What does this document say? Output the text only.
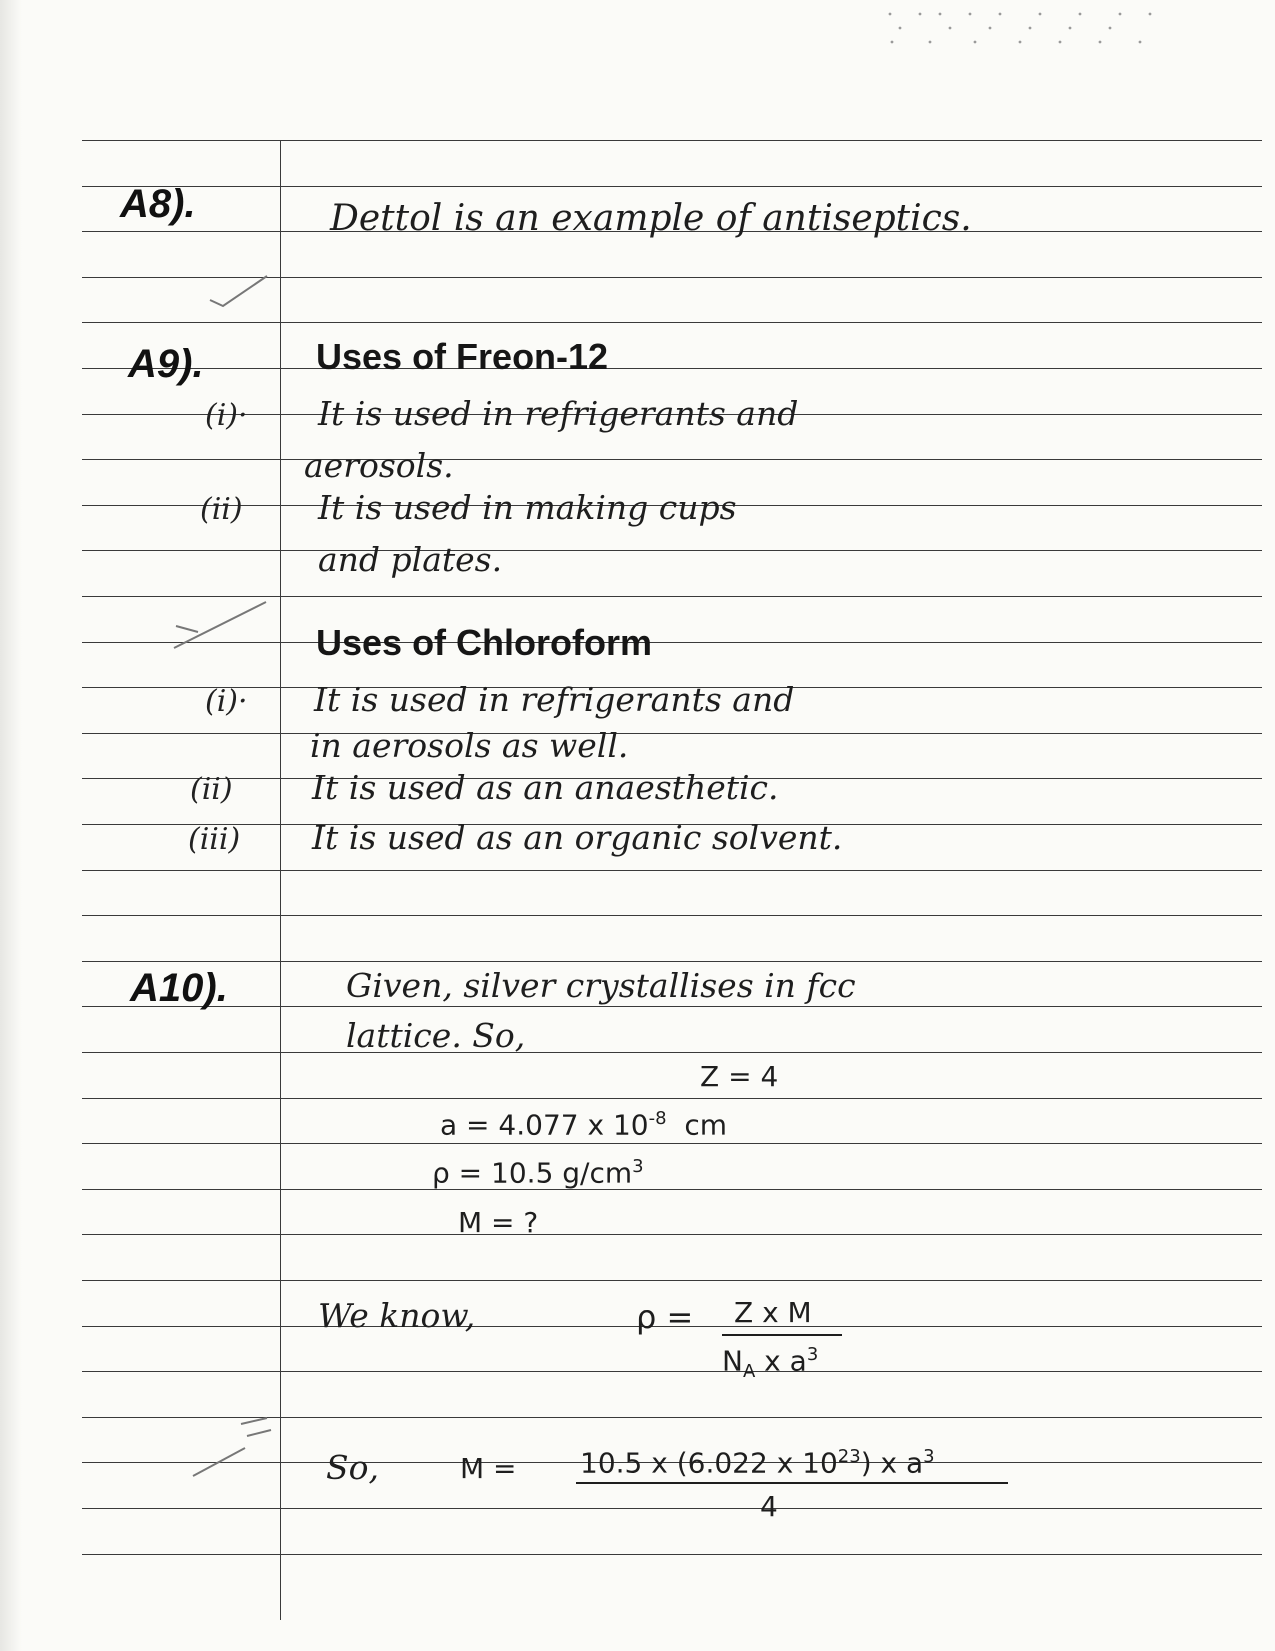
A8).	Dettol is an example of antiseptics.
A9).	Uses of Freon-12
(i)· It is used in refrigerants and
aerosols.
(ii) It is used in making cups
and plates.
Uses of Chloroform
(i)· It is used in refrigerants and
in aerosols as well.
(ii) It is used as an anaesthetic.
(iii) It is used as an organic solvent.
A10).	Given, silver crystallises in fcc
lattice. So,
Z = 4
a = 4.077 x $10^{-8}$ cm
ρ = 10.5 $g/cm^3$
M = ?
We know,	ρ = Z x M
$N_A$ x $a^3$
So,	M = 10.5 x (6.022 x $10^{23}$) x $a^3$
4
